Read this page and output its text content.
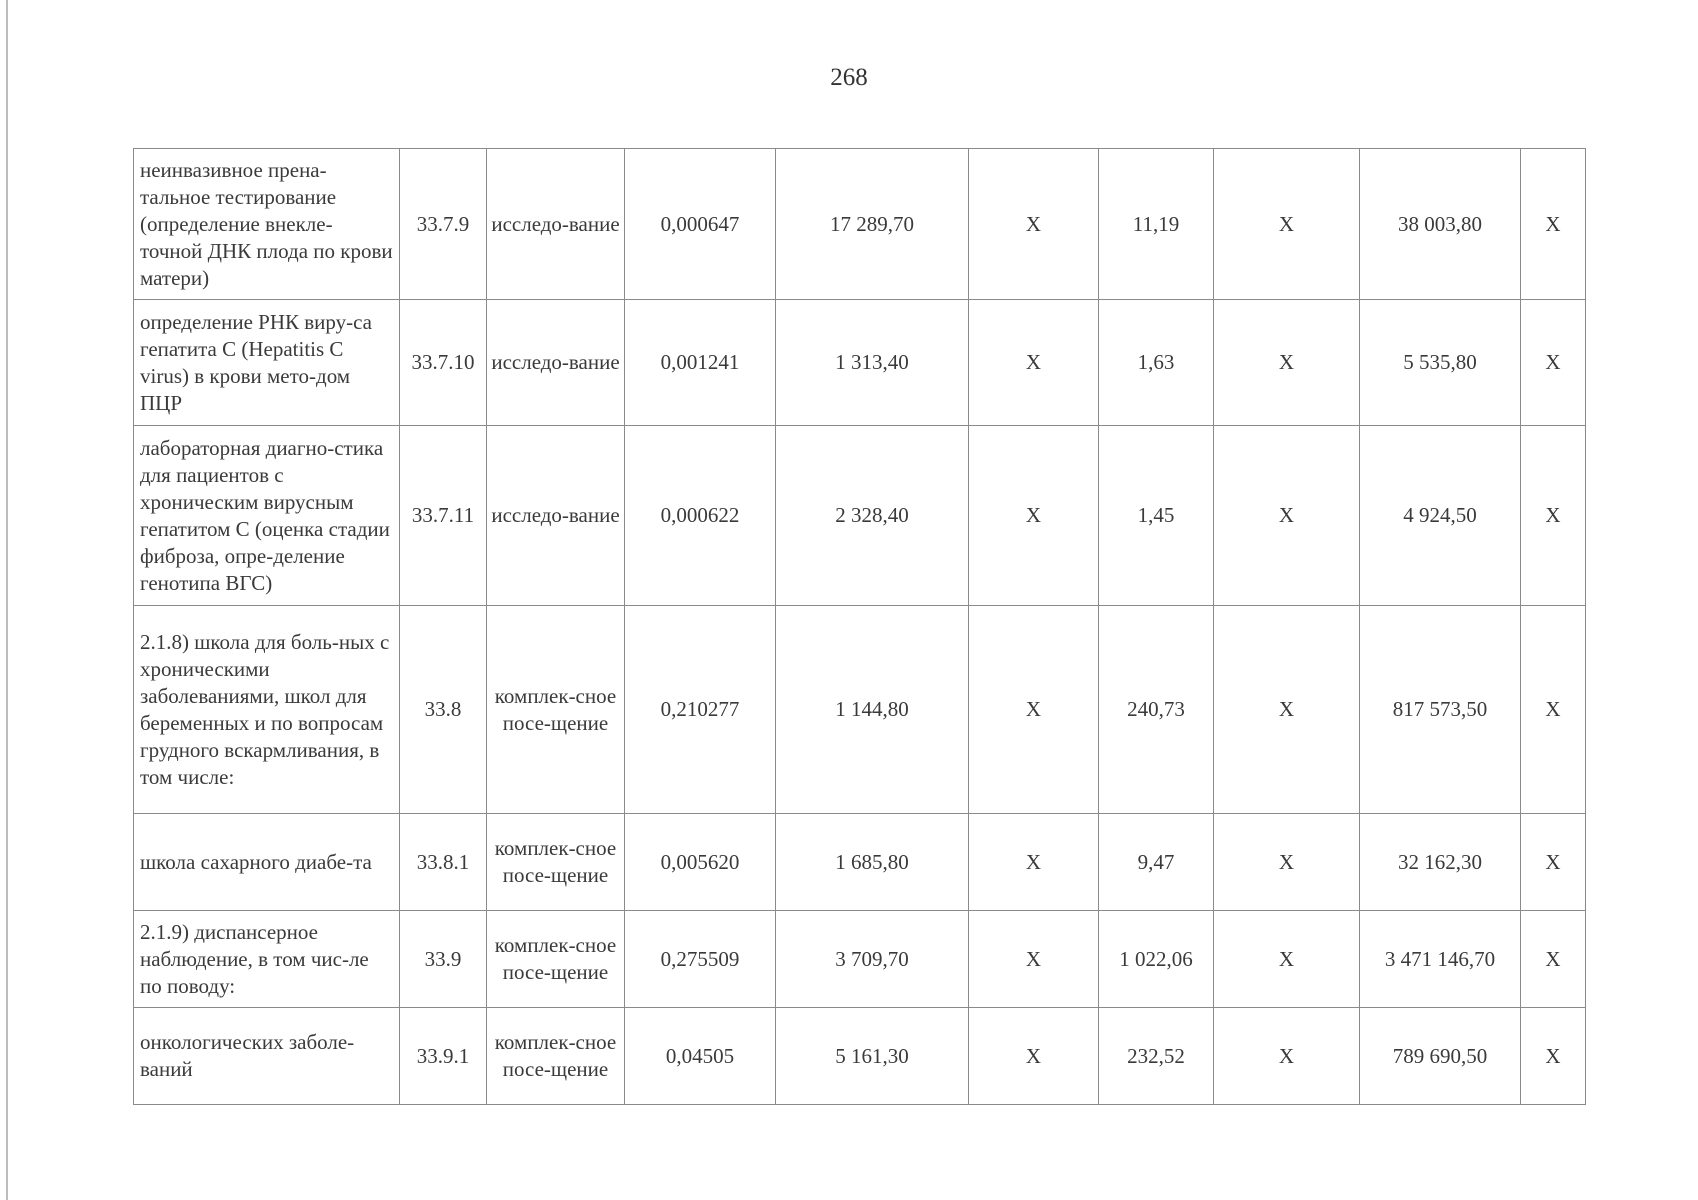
268
неинвазивное прена-тальное тестирование (определение внекле-точной ДНК плода по крови матери)	33.7.9	исследо-вание	0,000647	17 289,70	X	11,19	X	38 003,80	X
определение РНК виру-са гепатита С (Hepatitis C virus) в крови мето-дом ПЦР	33.7.10	исследо-вание	0,001241	1 313,40	X	1,63	X	5 535,80	X
лабораторная диагно-стика для пациентов с хроническим вирусным гепатитом С (оценка стадии фиброза, опре-деление генотипа ВГС)	33.7.11	исследо-вание	0,000622	2 328,40	X	1,45	X	4 924,50	X
2.1.8) школа для боль-ных с хроническими заболеваниями, школ для беременных и по вопросам грудного вскармливания, в том числе:	33.8	комплек-сное посе-щение	0,210277	1 144,80	X	240,73	X	817 573,50	X
школа сахарного диабе-та	33.8.1	комплек-сное посе-щение	0,005620	1 685,80	X	9,47	X	32 162,30	X
2.1.9) диспансерное наблюдение, в том чис-ле по поводу:	33.9	комплек-сное посе-щение	0,275509	3 709,70	X	1 022,06	X	3 471 146,70	X
онкологических заболе-ваний	33.9.1	комплек-сное посе-щение	0,04505	5 161,30	X	232,52	X	789 690,50	X
